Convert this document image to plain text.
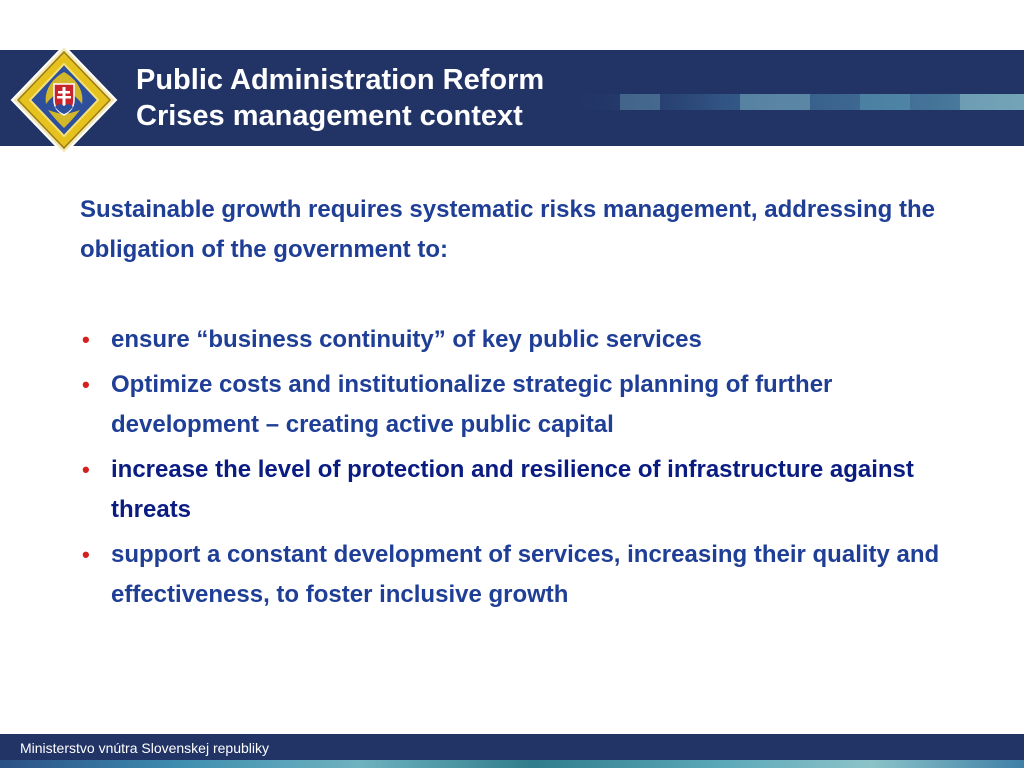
Public Administration Reform
Crises management context
Sustainable growth requires systematic risks management, addressing the obligation of the government to:
• ensure “business continuity” of key public services
• Optimize costs and institutionalize strategic planning of further development – creating active public capital
• increase the level of protection and resilience of infrastructure against threats
• support a constant development of services, increasing their quality and effectiveness, to foster inclusive growth
Ministerstvo vnútra Slovenskej republiky
